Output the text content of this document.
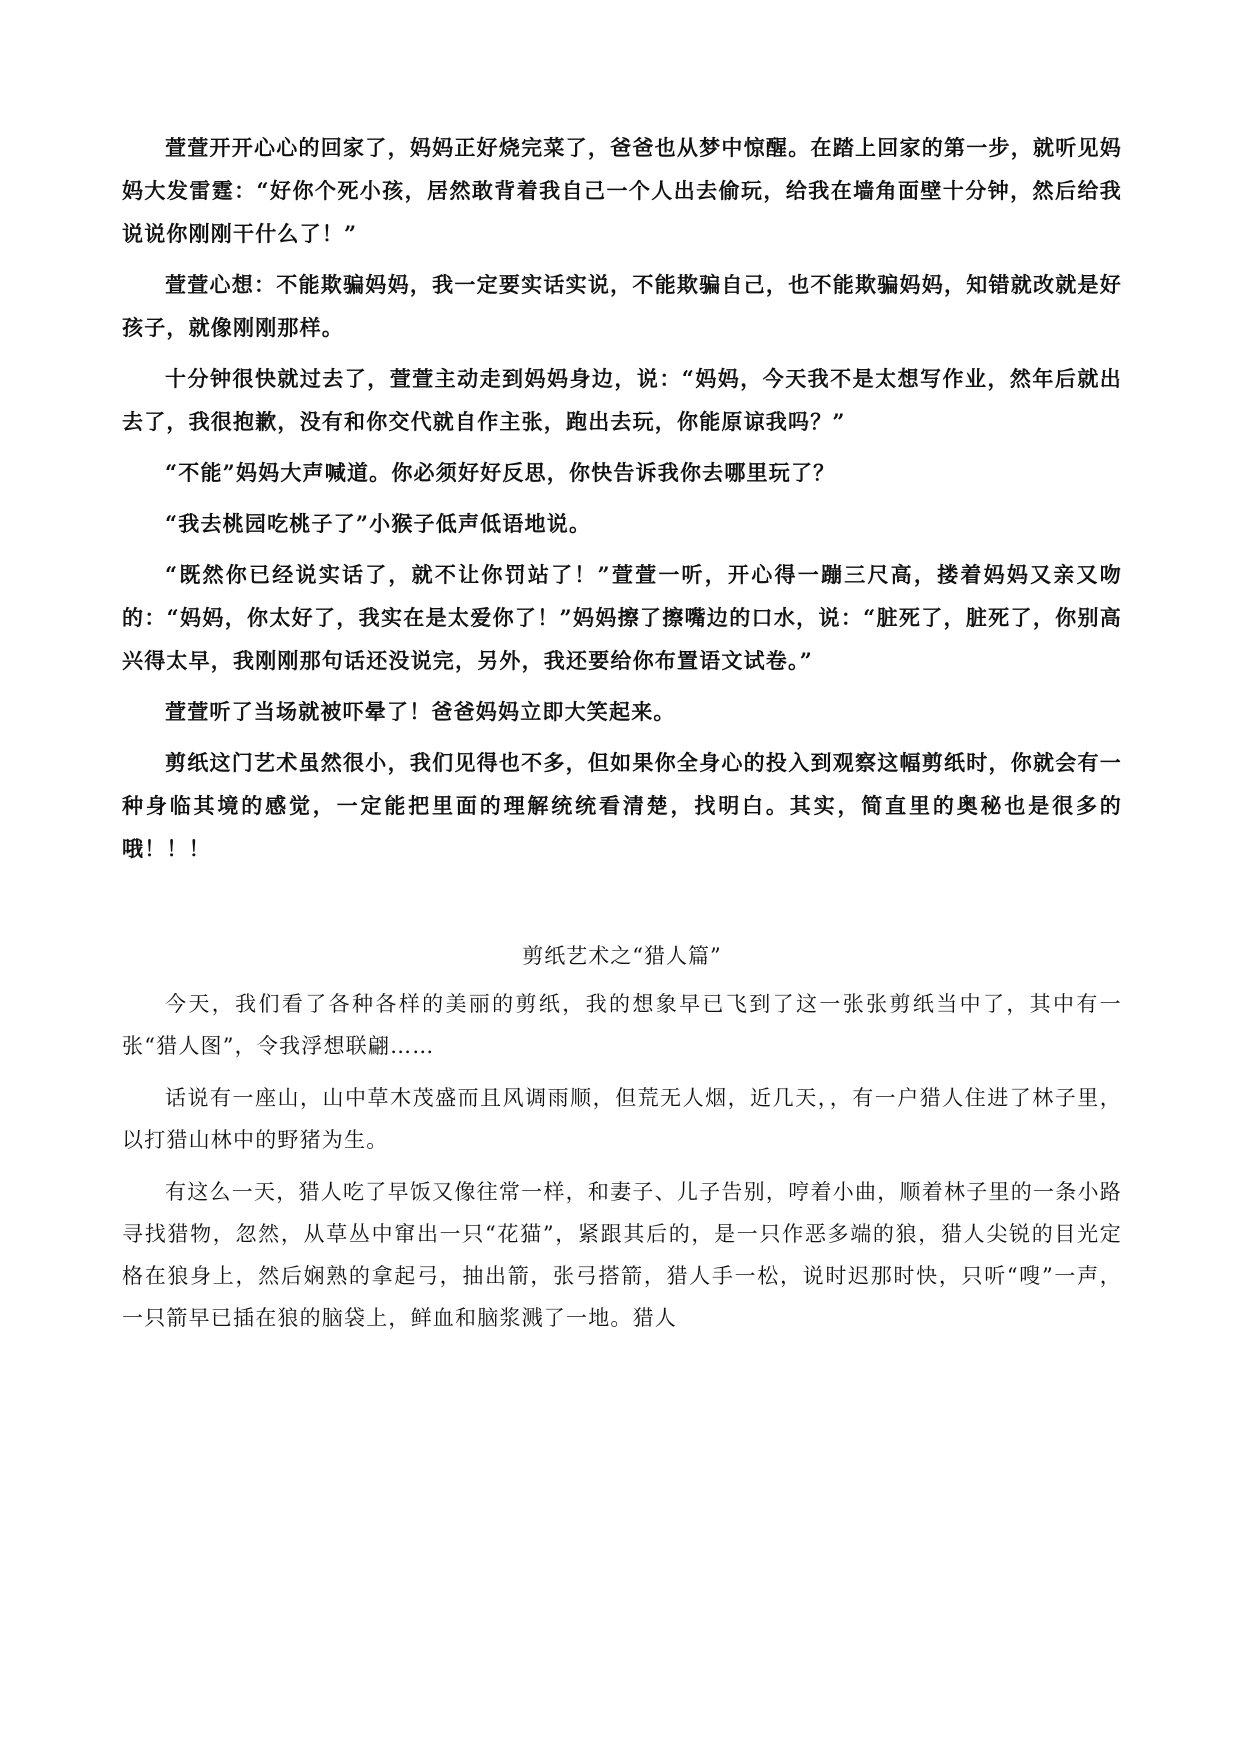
萱萱开开心心的回家了，妈妈正好烧完菜了，爸爸也从梦中惊醒。在踏上回家的第一步，就听见妈妈大发雷霆：“好你个死小孩，居然敢背着我自己一个人出去偷玩，给我在墙角面壁十分钟，然后给我说说你刚刚干什么了！”

萱萱心想：不能欺骗妈妈，我一定要实话实说，不能欺骗自己，也不能欺骗妈妈，知错就改就是好孩子，就像刚刚那样。

十分钟很快就过去了，萱萱主动走到妈妈身边，说：“妈妈，今天我不是太想写作业，然年后就出去了，我很抱歉，没有和你交代就自作主张，跑出去玩，你能原谅我吗？”

“不能”妈妈大声喊道。你必须好好反思，你快告诉我你去哪里玩了？

“我去桃园吃桃子了”小猴子低声低语地说。

“既然你已经说实话了，就不让你罚站了！”萱萱一听，开心得一蹦三尺高，搂着妈妈又亲又吻的：“妈妈，你太好了，我实在是太爱你了！”妈妈擦了擦嘴边的口水，说：“脏死了，脏死了，你别高兴得太早，我刚刚那句话还没说完，另外，我还要给你布置语文试卷。”

萱萱听了当场就被吓晕了！爸爸妈妈立即大笑起来。

剪纸这门艺术虽然很小，我们见得也不多，但如果你全身心的投入到观察这幅剪纸时，你就会有一种身临其境的感觉，一定能把里面的理解统统看清楚，找明白。其实，简直里的奥秘也是很多的哦！！！

剪纸艺术之“猎人篇”

今天，我们看了各种各样的美丽的剪纸，我的想象早已飞到了这一张张剪纸当中了，其中有一张“猎人图”，令我浮想联翩……

话说有一座山，山中草木茂盛而且风调雨顺，但荒无人烟，近几天，，有一户猎人住进了林子里，以打猎山林中的野猪为生。

有这么一天，猎人吃了早饭又像往常一样，和妻子、儿子告别，哼着小曲，顺着林子里的一条小路寻找猎物，忽然，从草丛中窜出一只“花猫”，紧跟其后的，是一只作恶多端的狼，猎人尖锐的目光定格在狼身上，然后娴熟的拿起弓，抽出箭，张弓搭箭，猎人手一松，说时迟那时快，只听“嗖”一声，一只箭早已插在狼的脑袋上，鲜血和脑浆溅了一地。猎人
